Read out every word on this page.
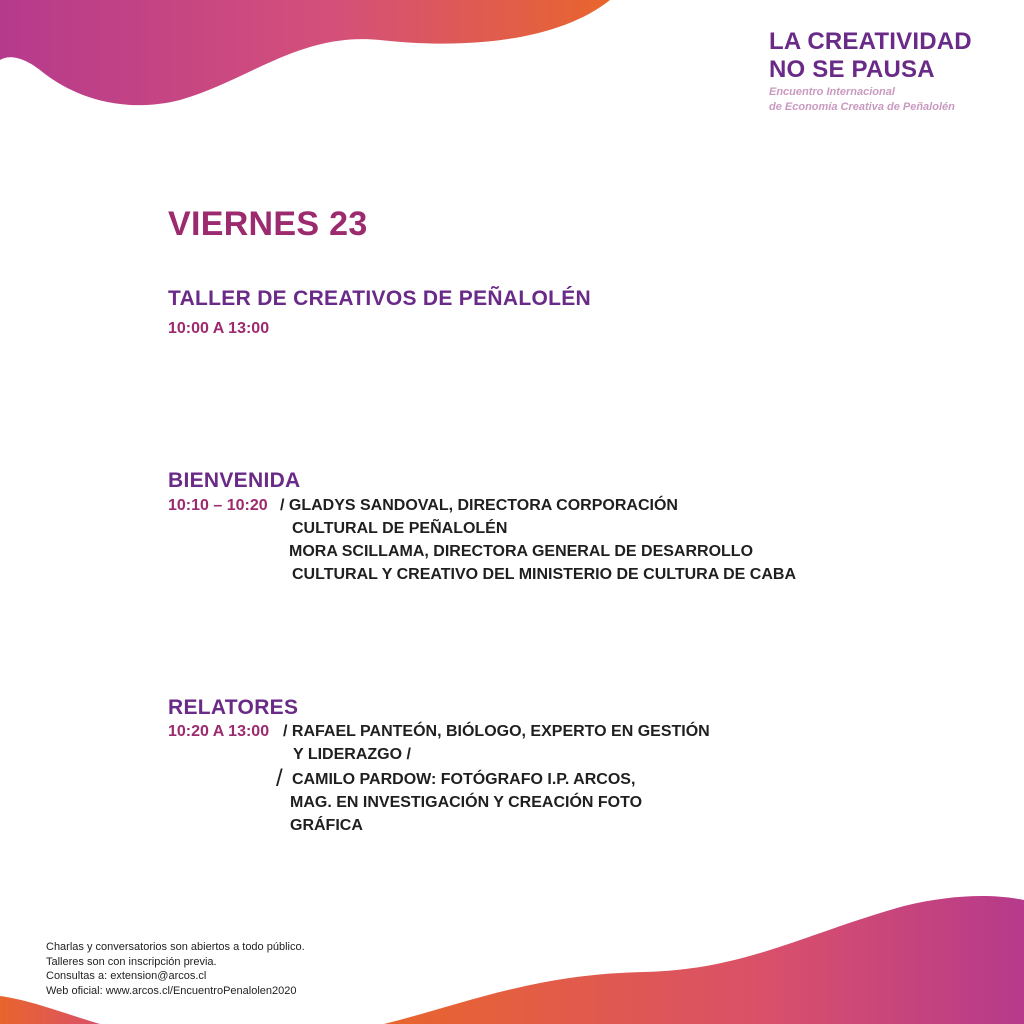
LA CREATIVIDAD
NO SE PAUSA
Encuentro Internacional
de Economía Creativa de Peñalolén
VIERNES 23
TALLER DE CREATIVOS DE PEÑALOLÉN
10:00 A 13:00
BIENVENIDA
10:10 – 10:20 / GLADYS SANDOVAL, DIRECTORA CORPORACIÓN
CULTURAL DE PEÑALOLÉN
MORA SCILLAMA, DIRECTORA GENERAL DE DESARROLLO
CULTURAL Y CREATIVO DEL MINISTERIO DE CULTURA DE CABA
RELATORES
10:20 A 13:00 / RAFAEL PANTEÓN, BIÓLOGO, EXPERTO EN GESTIÓN
Y LIDERAZGO /
/ CAMILO PARDOW: FOTÓGRAFO I.P. ARCOS,
MAG. EN INVESTIGACIÓN Y CREACIÓN FOTO
GRÁFICA
Charlas y conversatorios son abiertos a todo público.
Talleres son con inscripción previa.
Consultas a: extension@arcos.cl
Web oficial: www.arcos.cl/EncuentroPenalolen2020
